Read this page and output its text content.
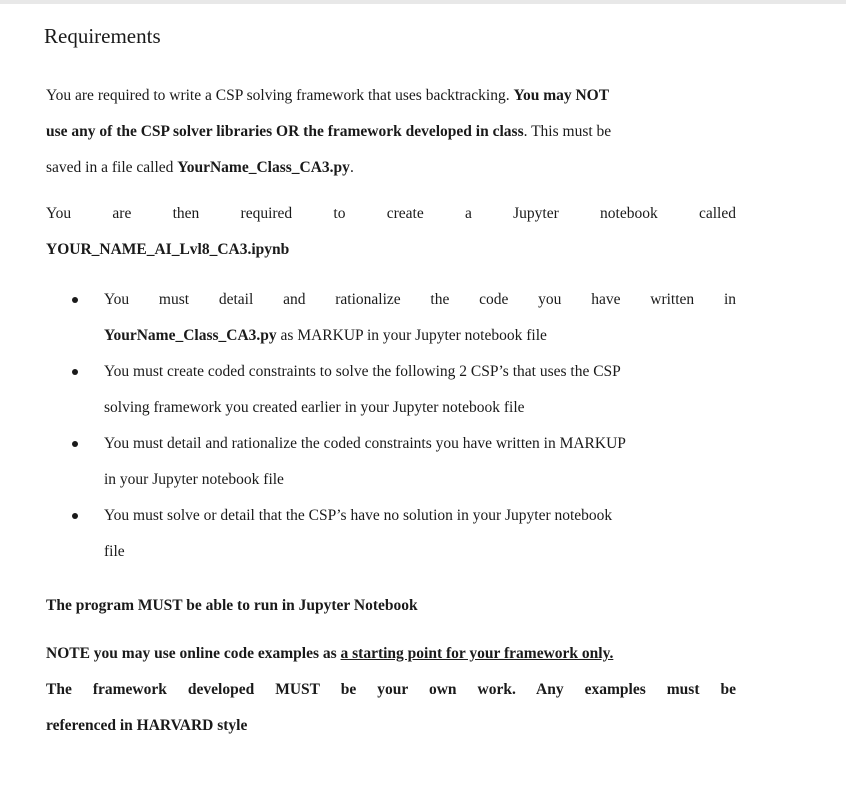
Requirements
You are required to write a CSP solving framework that uses backtracking. You may NOT
use any of the CSP solver libraries OR the framework developed in class. This must be
saved in a file called YourName_Class_CA3.py.
You are then required to create a Jupyter notebook called
YOUR_NAME_AI_Lvl8_CA3.ipynb
You must detail and rationalize the code you have written in
YourName_Class_CA3.py as MARKUP in your Jupyter notebook file
You must create coded constraints to solve the following 2 CSP’s that uses the CSP
solving framework you created earlier in your Jupyter notebook file
You must detail and rationalize the coded constraints you have written in MARKUP
in your Jupyter notebook file
You must solve or detail that the CSP’s have no solution in your Jupyter notebook
file
The program MUST be able to run in Jupyter Notebook
NOTE you may use online code examples as a starting point for your framework only.
The framework developed MUST be your own work. Any examples must be
referenced in HARVARD style
